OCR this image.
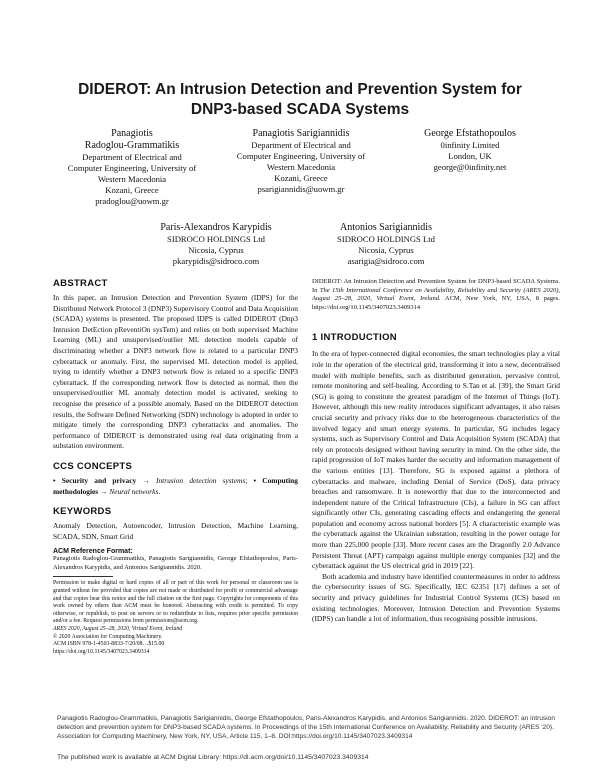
DIDEROT: An Intrusion Detection and Prevention System for
DNP3-based SCADA Systems
Panagiotis
Radoglou-Grammatikis
Department of Electrical and
Computer Engineering, University of
Western Macedonia
Kozani, Greece
pradoglou@uowm.gr
Panagiotis Sarigiannidis
Department of Electrical and
Computer Engineering, University of
Western Macedonia
Kozani, Greece
psarigiannidis@uowm.gr
George Efstathopoulos
0infinity Limited
London, UK
george@0infinity.net
Paris-Alexandros Karypidis
SIDROCO HOLDINGS Ltd
Nicosia, Cyprus
pkarypidis@sidroco.com
Antonios Sarigiannidis
SIDROCO HOLDINGS Ltd
Nicosia, Cyprus
asarigia@sidroco.com
ABSTRACT

In this paper, an Intrusion Detection and Prevention System (IDPS) for the Distributed Network Protocol 3 (DNP3) Supervisory Control and Data Acquisition (SCADA) systems is presented. The proposed IDPS is called DIDEROT (Dnp3 Intrusion DetEction pReventiOn sysTem) and relies on both supervised Machine Learning (ML) and unsupervised/outlier ML detection models capable of discriminating whether a DNP3 network flow is related to a particular DNP3 cyberattack or anomaly. First, the supervised ML detection model is applied, trying to identify whether a DNP3 network flow is related to a specific DNP3 cyberattack. If the corresponding network flow is detected as normal, then the unsupervised/outlier ML anomaly detection model is activated, seeking to recognise the presence of a possible anomaly. Based on the DIDEROT detection results, the Software Defined Networking (SDN) technology is adopted in order to mitigate timely the corresponding DNP3 cyberattacks and anomalies. The performance of DIDEROT is demonstrated using real data originating from a substation environment.

CCS CONCEPTS

• Security and privacy → Intrusion detection systems; • Computing methodologies → Neural networks.

KEYWORDS

Anomaly Detection, Autoencoder, Intrusion Detection, Machine Learning, SCADA, SDN, Smart Grid

ACM Reference Format:

Panagiotis Radoglou-Grammatikis, Panagiotis Sarigiannidis, George Efstathopoulos, Paris-Alexandros Karypidis, and Antonios Sarigiannidis. 2020.

Permission to make digital or hard copies of all or part of this work for personal or classroom use is granted without fee provided that copies are not made or distributed for profit or commercial advantage and that copies bear this notice and the full citation on the first page. Copyrights for components of this work owned by others than ACM must be honored. Abstracting with credit is permitted. To copy otherwise, or republish, to post on servers or to redistribute to lists, requires prior specific permission and/or a fee. Request permissions from permissions@acm.org.

ARES 2020, August 25–28, 2020, Virtual Event, Ireland

© 2020 Association for Computing Machinery.

ACM ISBN 978-1-4503-8833-7/20/08…$15.00

https://doi.org/10.1145/3407023.3409314

DIDEROT: An Intrusion Detection and Prevention System for DNP3-based SCADA Systems. In The 15th International Conference on Availability, Reliability and Security (ARES 2020), August 25–28, 2020, Virtual Event, Ireland. ACM, New York, NY, USA, 8 pages. https://doi.org/10.1145/3407023.3409314

1 INTRODUCTION

In the era of hyper-connected digital economies, the smart technologies play a vital role in the operation of the electrical grid, transforming it into a new, decentralised model with multiple benefits, such as distributed generation, pervasive control, remote monitoring and self-healing. According to S.Tan et al. [39], the Smart Grid (SG) is going to constitute the greatest paradigm of the Internet of Things (IoT). However, although this new reality introduces significant advantages, it also raises crucial security and privacy risks due to the heterogeneous characteristics of the involved legacy and smart energy systems. In particular, SG includes legacy systems, such as Supervisory Control and Data Acquisition System (SCADA) that rely on protocols designed without having security in mind. On the other side, the rapid progression of IoT makes harder the security and information management of the various entities [13]. Therefore, SG is exposed against a plethora of cyberattacks and malware, including Denial of Service (DoS), data privacy breaches and ransomware. It is noteworthy that due to the interconnected and independent nature of the Critical Infrastructure (CIs), a failure in SG can affect significantly other CIs, generating cascading effects and endangering the general population and economy across national borders [5]. A characteristic example was the cyberattack against the Ukrainian substation, resulting in the power outage for more than 225,000 people [33]. More recent cases are the Dragonfly 2.0 Advance Persistent Threat (APT) campaign against multiple energy companies [32] and the cyberattack against the US electrical grid in 2019 [22].

Both academia and industry have identified countermeasures in order to address the cybersecurity issues of SG. Specifically, IEC 62351 [17] defines a set of security and privacy guidelines for Industrial Control Systems (ICS) based on existing technologies. Moreover, Intrusion Detection and Prevention Systems (IDPS) can handle a lot of information, thus recognising possible intrusions.

Panagiotis Radoglou-Grammatikis, Panagiotis Sarigiannidis, George Efstathopoulos, Paris-Alexandros Karypidis, and Antonios Sarigiannidis. 2020. DIDEROT: an intrusion detection and prevention system for DNP3-based SCADA systems. In Proceedings of the 15th International Conference on Availability, Reliability and Security (ARES '20). Association for Computing Machinery, New York, NY, USA, Article 115, 1–8. DOI:https://doi.org/10.1145/3407023.3409314
The published work is available at ACM Digital Library: https://dl.acm.org/doi/10.1145/3407023.3409314
